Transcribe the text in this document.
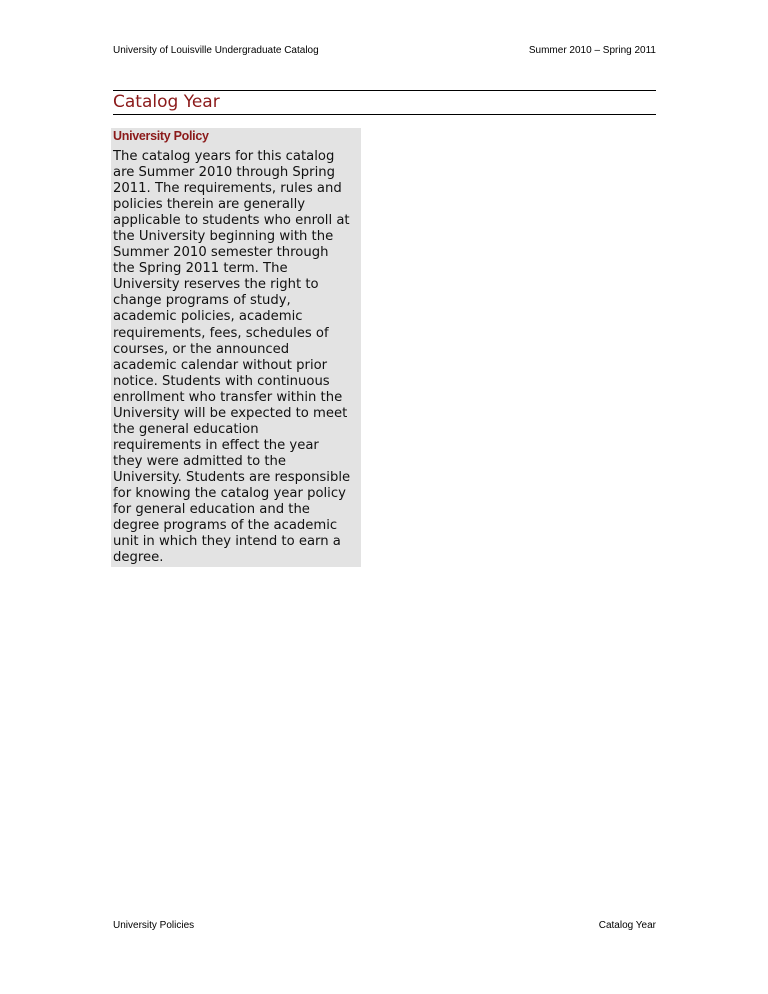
University of Louisville Undergraduate Catalog	Summer 2010 – Spring 2011
Catalog Year
University Policy

The catalog years for this catalog
are Summer 2010 through Spring
2011. The requirements, rules and
policies therein are generally
applicable to students who enroll at
the University beginning with the
Summer 2010 semester through
the Spring 2011 term. The
University reserves the right to
change programs of study,
academic policies, academic
requirements, fees, schedules of
courses, or the announced
academic calendar without prior
notice. Students with continuous
enrollment who transfer within the
University will be expected to meet
the general education
requirements in effect the year
they were admitted to the
University. Students are responsible
for knowing the catalog year policy
for general education and the
degree programs of the academic
unit in which they intend to earn a
degree.

University Policies	Catalog Year
